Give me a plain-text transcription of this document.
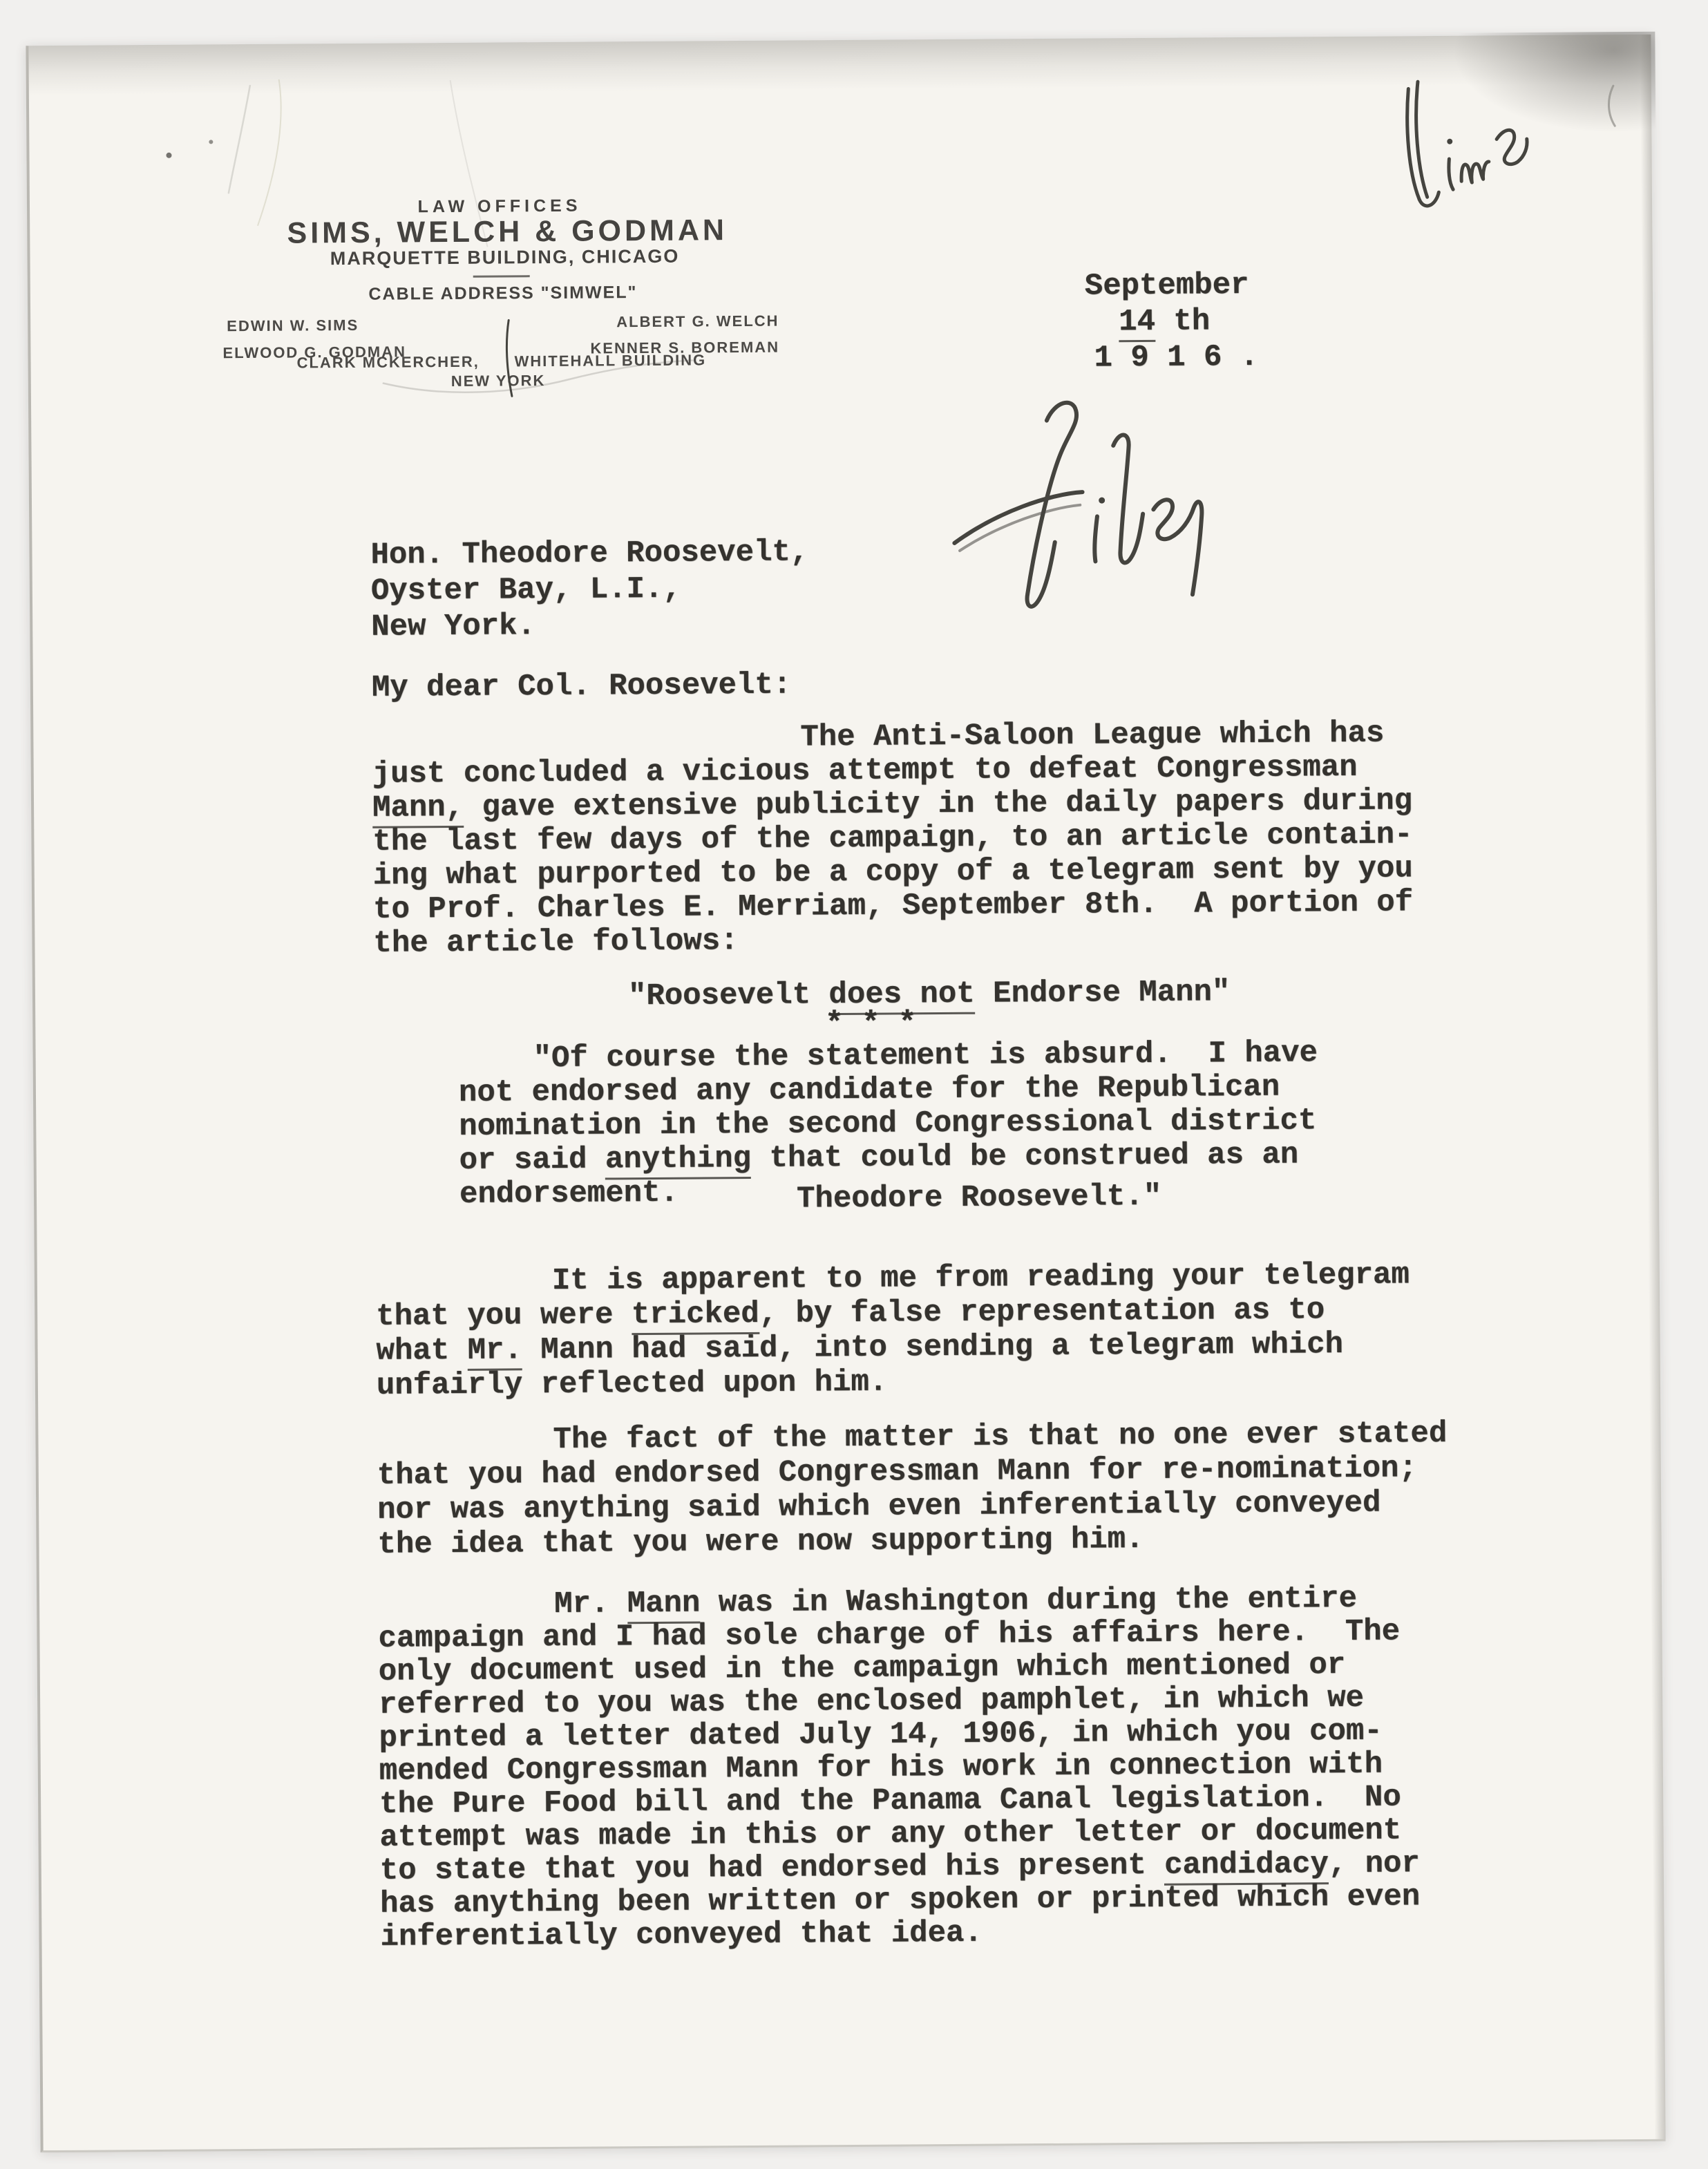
LAW OFFICES
SIMS, WELCH & GODMAN
MARQUETTE BUILDING, CHICAGO
CABLE ADDRESS "SIMWEL"
EDWIN W. SIMS
ELWOOD G. GODMAN
ALBERT G. WELCH
KENNER S. BOREMAN
CLARK MCKERCHER, WHITEHALL BUILDING
NEW YORK
September
14 th
1 9 1 6 .
Hon. Theodore Roosevelt,
Oyster Bay, L.I.,
New York.
My dear Col. Roosevelt:
The Anti-Saloon League which has
just concluded a vicious attempt to defeat Congressman
Mann, gave extensive publicity in the daily papers during
the last few days of the campaign, to an article contain-
ing what purported to be a copy of a telegram sent by you
to Prof. Charles E. Merriam, September 8th.  A portion of
the article follows:
"Roosevelt does not Endorse Mann"
* * *
"Of course the statement is absurd.  I have
not endorsed any candidate for the Republican
nomination in the second Congressional district
or said anything that could be construed as an
endorsement.	Theodore Roosevelt."
It is apparent to me from reading your telegram
that you were tricked, by false representation as to
what Mr. Mann had said, into sending a telegram which
unfairly reflected upon him.
The fact of the matter is that no one ever stated
that you had endorsed Congressman Mann for re-nomination;
nor was anything said which even inferentially conveyed
the idea that you were now supporting him.
Mr. Mann was in Washington during the entire
campaign and I had sole charge of his affairs here.  The
only document used in the campaign which mentioned or
referred to you was the enclosed pamphlet, in which we
printed a letter dated July 14, 1906, in which you com-
mended Congressman Mann for his work in connection with
the Pure Food bill and the Panama Canal legislation.  No
attempt was made in this or any other letter or document
to state that you had endorsed his present candidacy, nor
has anything been written or spoken or printed which even
inferentially conveyed that idea.
